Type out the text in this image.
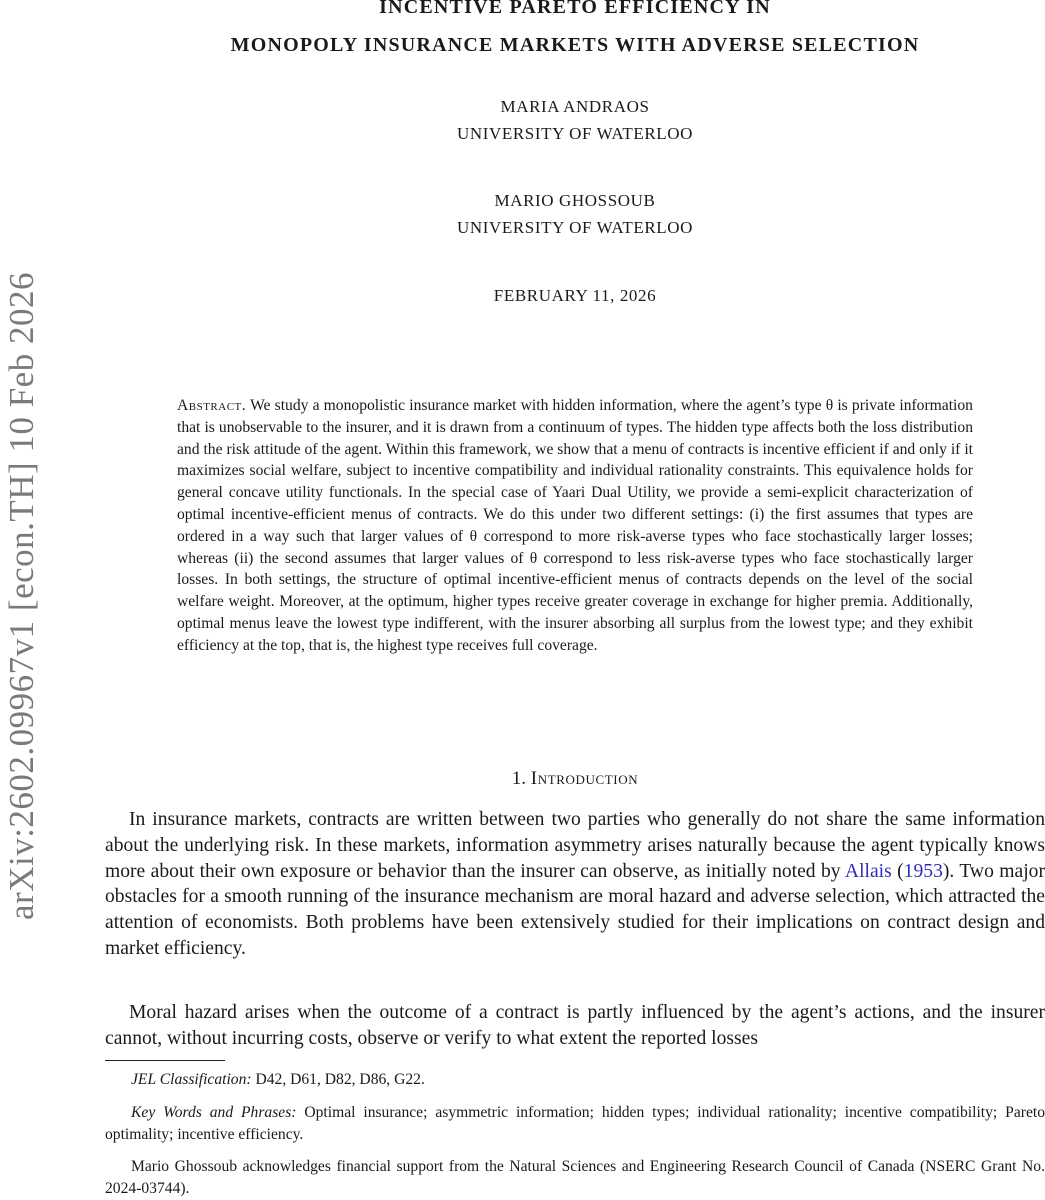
arXiv:2602.09967v1 [econ.TH] 10 Feb 2026
INCENTIVE PARETO EFFICIENCY IN
MONOPOLY INSURANCE MARKETS WITH ADVERSE SELECTION
MARIA ANDRAOS
UNIVERSITY OF WATERLOO
MARIO GHOSSOUB
UNIVERSITY OF WATERLOO
FEBRUARY 11, 2026
Abstract. We study a monopolistic insurance market with hidden information, where the agent’s type θ is private information that is unobservable to the insurer, and it is drawn from a continuum of types. The hidden type affects both the loss distribution and the risk attitude of the agent. Within this framework, we show that a menu of contracts is incentive efficient if and only if it maximizes social welfare, subject to incentive compatibility and individual rationality constraints. This equivalence holds for general concave utility functionals. In the special case of Yaari Dual Utility, we provide a semi-explicit characterization of optimal incentive-efficient menus of contracts. We do this under two different settings: (i) the first assumes that types are ordered in a way such that larger values of θ correspond to more risk-averse types who face stochastically larger losses; whereas (ii) the second assumes that larger values of θ correspond to less risk-averse types who face stochastically larger losses. In both settings, the structure of optimal incentive-efficient menus of contracts depends on the level of the social welfare weight. Moreover, at the optimum, higher types receive greater coverage in exchange for higher premia. Additionally, optimal menus leave the lowest type indifferent, with the insurer absorbing all surplus from the lowest type; and they exhibit efficiency at the top, that is, the highest type receives full coverage.
1. Introduction
In insurance markets, contracts are written between two parties who generally do not share the same information about the underlying risk. In these markets, information asymmetry arises naturally because the agent typically knows more about their own exposure or behavior than the insurer can observe, as initially noted by Allais (1953). Two major obstacles for a smooth running of the insurance mechanism are moral hazard and adverse selection, which attracted the attention of economists. Both problems have been extensively studied for their implications on contract design and market efficiency.
Moral hazard arises when the outcome of a contract is partly influenced by the agent’s actions, and the insurer cannot, without incurring costs, observe or verify to what extent the reported losses
JEL Classification: D42, D61, D82, D86, G22.
Key Words and Phrases: Optimal insurance; asymmetric information; hidden types; individual rationality; incentive compatibility; Pareto optimality; incentive efficiency.
Mario Ghossoub acknowledges financial support from the Natural Sciences and Engineering Research Council of Canada (NSERC Grant No. 2024-03744).
